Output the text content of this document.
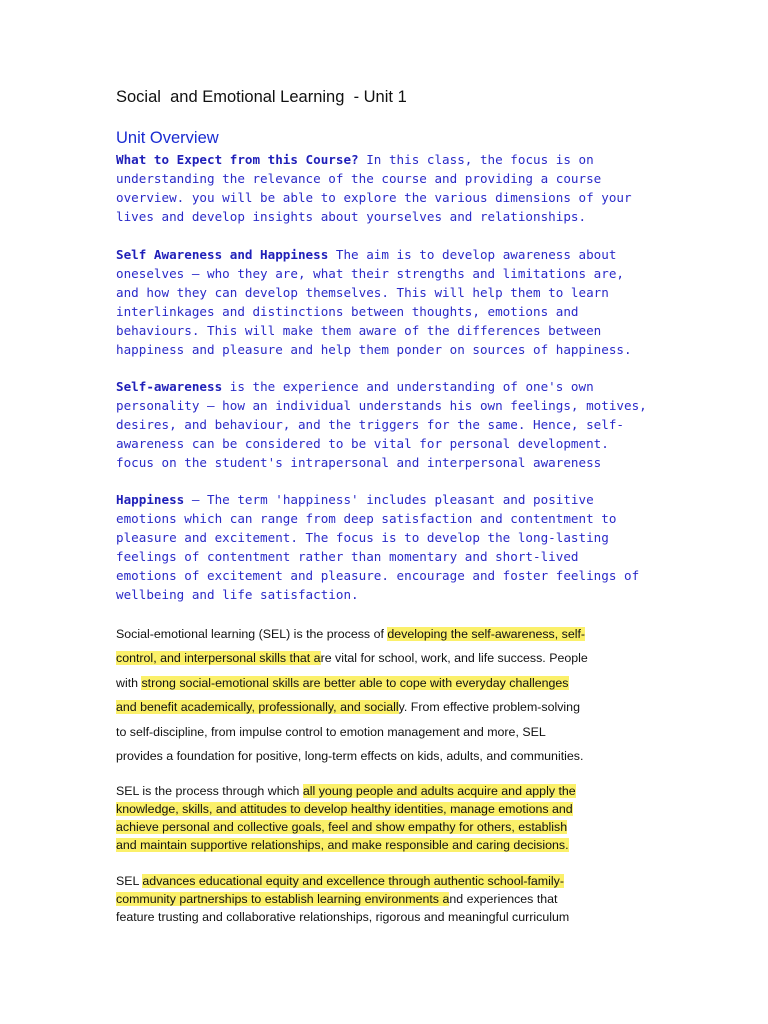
Social  and Emotional Learning  - Unit 1
Unit Overview
What to Expect from this Course? In this class, the focus is on
understanding the relevance of the course and providing a course
overview. you will be able to explore the various dimensions of your
lives and develop insights about yourselves and relationships.
Self Awareness and Happiness The aim is to develop awareness about
oneselves – who they are, what their strengths and limitations are,
and how they can develop themselves. This will help them to learn
interlinkages and distinctions between thoughts, emotions and
behaviours. This will make them aware of the differences between
happiness and pleasure and help them ponder on sources of happiness.
Self-awareness is the experience and understanding of one's own
personality – how an individual understands his own feelings, motives,
desires, and behaviour, and the triggers for the same. Hence, self-
awareness can be considered to be vital for personal development.
focus on the student's intrapersonal and interpersonal awareness
Happiness – The term 'happiness' includes pleasant and positive
emotions which can range from deep satisfaction and contentment to
pleasure and excitement. The focus is to develop the long-lasting
feelings of contentment rather than momentary and short-lived
emotions of excitement and pleasure. encourage and foster feelings of
wellbeing and life satisfaction.
Social-emotional learning (SEL) is the process of developing the self-awareness, self-
control, and interpersonal skills that are vital for school, work, and life success. People
with strong social-emotional skills are better able to cope with everyday challenges
and benefit academically, professionally, and socially. From effective problem-solving
to self-discipline, from impulse control to emotion management and more, SEL
provides a foundation for positive, long-term effects on kids, adults, and communities.
SEL is the process through which all young people and adults acquire and apply the
knowledge, skills, and attitudes to develop healthy identities, manage emotions and
achieve personal and collective goals, feel and show empathy for others, establish
and maintain supportive relationships, and make responsible and caring decisions.
SEL advances educational equity and excellence through authentic school-family-
community partnerships to establish learning environments and experiences that
feature trusting and collaborative relationships, rigorous and meaningful curriculum
